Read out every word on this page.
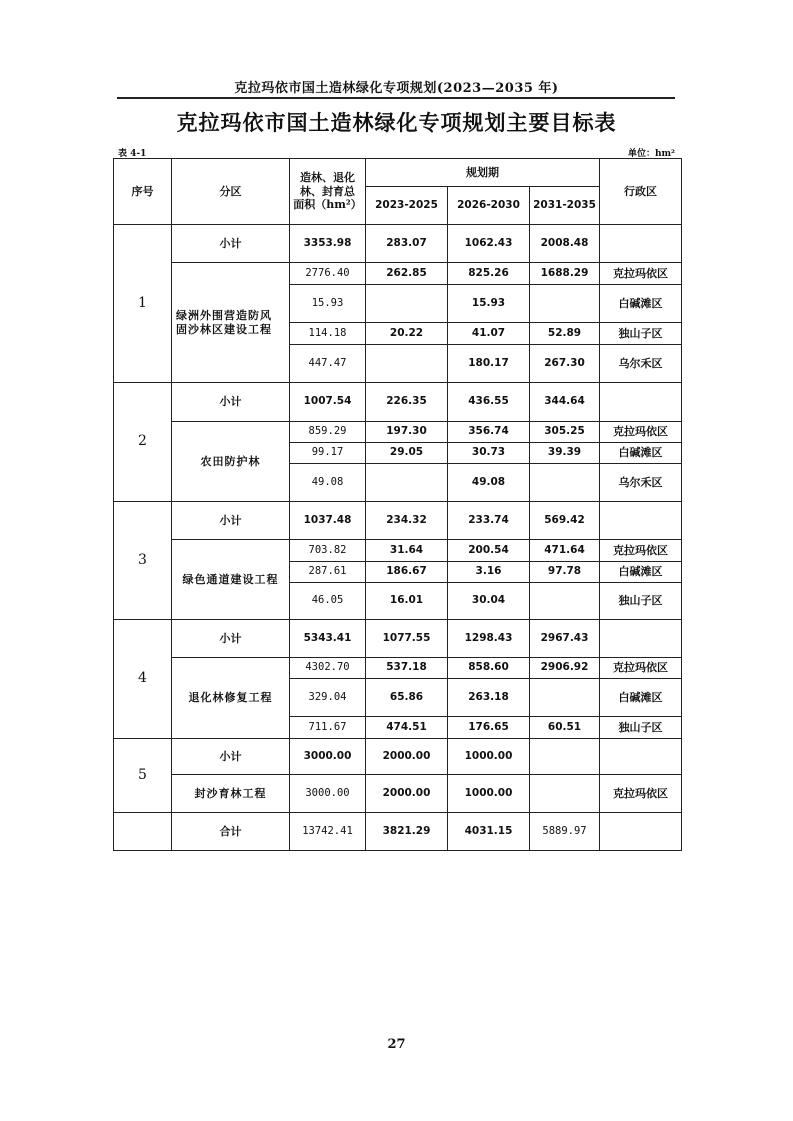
克拉玛依市国土造林绿化专项规划(2023—2035 年)
克拉玛依市国土造林绿化专项规划主要目标表
表 4-1	单位：hm²
序号	分区	造林、退化
林、封育总
面积（hm²）	规划期			行政区
			2023-2025	2026-2030	2031-2035	
1	小计	3353.98	283.07	1062.43	2008.48	

	绿洲外围营造防风
固沙林区建设工程	2776.40	262.85	825.26	1688.29	克拉玛依区
		15.93		15.93		白碱滩区
		114.18	20.22	41.07	52.89	独山子区
		447.47		180.17	267.30	乌尔禾区
2	小计	1007.54	226.35	436.55	344.64	

	农田防护林	859.29	197.30	356.74	305.25	克拉玛依区
		99.17	29.05	30.73	39.39	白碱滩区
		49.08		49.08		乌尔禾区
3	小计	1037.48	234.32	233.74	569.42	

	绿色通道建设工程	703.82	31.64	200.54	471.64	克拉玛依区
		287.61	186.67	3.16	97.78	白碱滩区
		46.05	16.01	30.04		独山子区
4	小计	5343.41	1077.55	1298.43	2967.43	

	退化林修复工程	4302.70	537.18	858.60	2906.92	克拉玛依区
		329.04	65.86	263.18		白碱滩区
		711.67	474.51	176.65	60.51	独山子区
5	小计	3000.00	2000.00	1000.00		

	封沙育林工程	3000.00	2000.00	1000.00		克拉玛依区
	合计	13742.41	3821.29	4031.15	5889.97	
27
